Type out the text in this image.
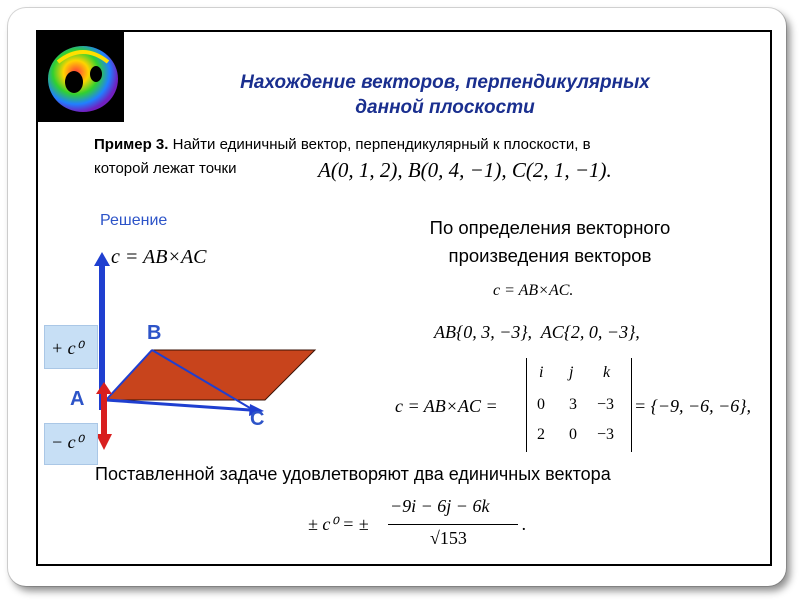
Нахождение векторов, перпендикулярных
данной плоскости
Пример 3. Найти единичный вектор, перпендикулярный к плоскости, в
которой лежат точки	A(0, 1, 2), B(0, 4, −1), C(2, 1, −1).
Решение
c = AB×AC
+ c⁰
− c⁰
A
B
C
По определения векторного
произведения векторов
c = AB×AC.
AB{0, 3, −3}, AC{2, 0, −3},
c = AB×AC =
i j k
0 3 −3
2 0 −3
= {−9, −6, −6},
Поставленной задаче удовлетворяют два единичных вектора
± c⁰ = ±
−9i − 6j − 6k
√153
.
